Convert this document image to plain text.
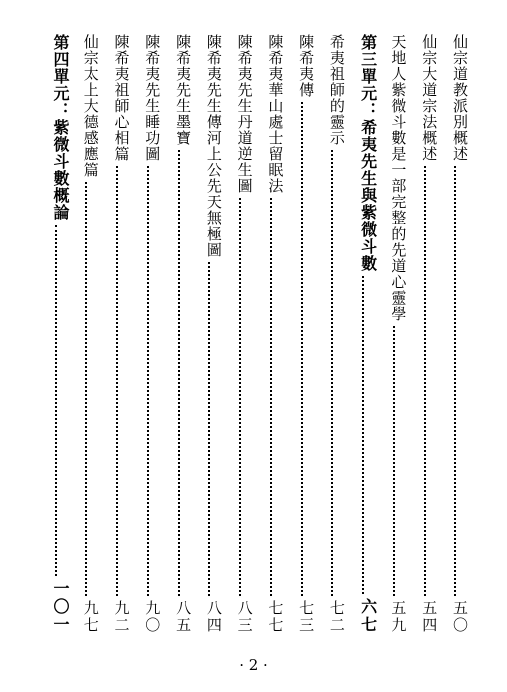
仙宗道教派別概述
五〇
仙宗大道宗法概述
五四
天地人紫微斗數是一部完整的先道心靈學
五九
第三單元：希夷先生與紫微斗數
六七
希夷祖師的靈示
七二
陳希夷傳
七三
陳希夷華山處士留眠法
七七
陳希夷先生丹道逆生圖
八三
陳希夷先生傳河上公先天無極圖
八四
陳希夷先生墨寶
八五
陳希夷先生睡功圖
九〇
陳希夷祖師心相篇
九二
仙宗太上大德感應篇
九七
第四單元：紫微斗數概論
一〇一
· 2 ·
